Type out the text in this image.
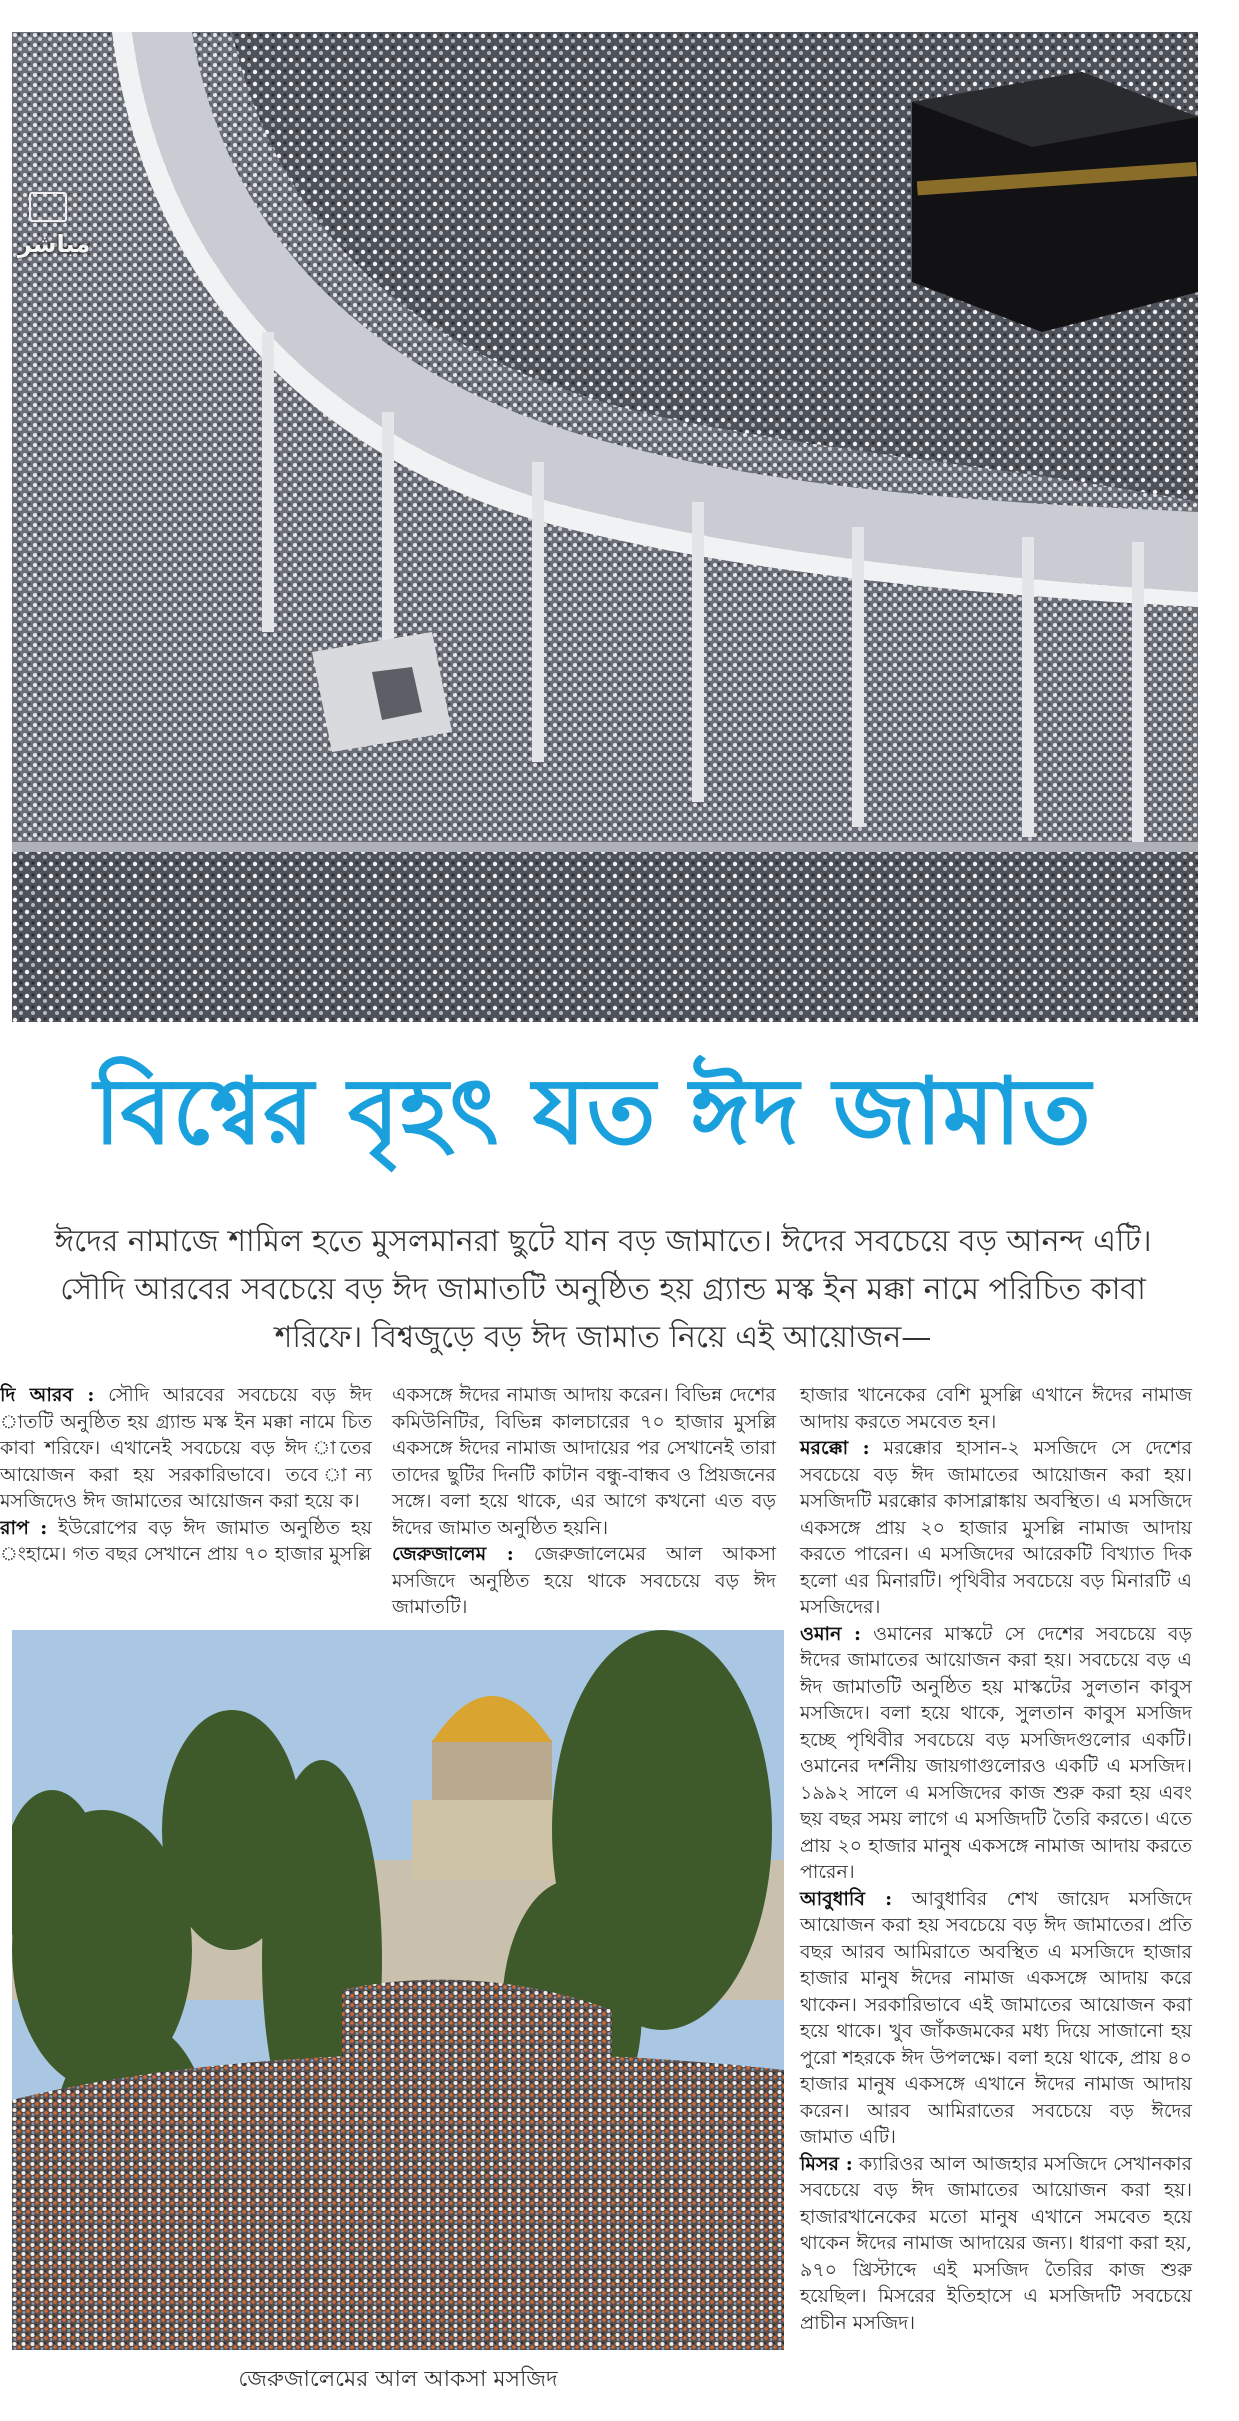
مباشر
বিশ্বের বৃহৎ যত ঈদ জামাত
ঈদের নামাজে শামিল হতে মুসলমানরা ছুটে যান বড় জামাতে। ঈদের সবচেয়ে বড় আনন্দ এটি। সৌদি আরবের সবচেয়ে বড় ঈদ জামাতটি অনুষ্ঠিত হয় গ্র্যান্ড মস্ক ইন মক্কা নামে পরিচিত কাবা শরিফে। বিশ্বজুড়ে বড় ঈদ জামাত নিয়ে এই আয়োজন—

দি আরব : সৌদি আরবের সবচেয়ে বড় ঈদ াতটি অনুষ্ঠিত হয় গ্র্যান্ড মস্ক ইন মক্কা নামে চিত কাবা শরিফে। এখানেই সবচেয়ে বড় ঈদ াতের আয়োজন করা হয় সরকারিভাবে। তবে ান্য মসজিদেও ঈদ জামাতের আয়োজন করা হয়ে ক।

রাপ : ইউরোপের বড় ঈদ জামাত অনুষ্ঠিত হয় ংহামে। গত বছর সেখানে প্রায় ৭০ হাজার মুসল্লি

একসঙ্গে ঈদের নামাজ আদায় করেন। বিভিন্ন দেশের কমিউনিটির, বিভিন্ন কালচারের ৭০ হাজার মুসল্লি একসঙ্গে ঈদের নামাজ আদায়ের পর সেখানেই তারা তাদের ছুটির দিনটি কাটান বন্ধু-বান্ধব ও প্রিয়জনের সঙ্গে। বলা হয়ে থাকে, এর আগে কখনো এত বড় ঈদের জামাত অনুষ্ঠিত হয়নি।

জেরুজালেম : জেরুজালেমের আল আকসা মসজিদে অনুষ্ঠিত হয়ে থাকে সবচেয়ে বড় ঈদ জামাতটি।

হাজার খানেকের বেশি মুসল্লি এখানে ঈদের নামাজ আদায় করতে সমবেত হন।

মরক্কো : মরক্কোর হাসান-২ মসজিদে সে দেশের সবচেয়ে বড় ঈদ জামাতের আয়োজন করা হয়। মসজিদটি মরক্কোর কাসাব্লাঙ্কায় অবস্থিত। এ মসজিদে একসঙ্গে প্রায় ২০ হাজার মুসল্লি নামাজ আদায় করতে পারেন। এ মসজিদের আরেকটি বিখ্যাত দিক হলো এর মিনারটি। পৃথিবীর সবচেয়ে বড় মিনারটি এ মসজিদের।

ওমান : ওমানের মাস্কটে সে দেশের সবচেয়ে বড় ঈদের জামাতের আয়োজন করা হয়। সবচেয়ে বড় এ ঈদ জামাতটি অনুষ্ঠিত হয় মাস্কটের সুলতান কাবুস মসজিদে। বলা হয়ে থাকে, সুলতান কাবুস মসজিদ হচ্ছে পৃথিবীর সবচেয়ে বড় মসজিদগুলোর একটি। ওমানের দর্শনীয় জায়গাগুলোরও একটি এ মসজিদ। ১৯৯২ সালে এ মসজিদের কাজ শুরু করা হয় এবং ছয় বছর সময় লাগে এ মসজিদটি তৈরি করতে। এতে প্রায় ২০ হাজার মানুষ একসঙ্গে নামাজ আদায় করতে পারেন।

আবুধাবি : আবুধাবির শেখ জায়েদ মসজিদে আয়োজন করা হয় সবচেয়ে বড় ঈদ জামাতের। প্রতি বছর আরব আমিরাতে অবস্থিত এ মসজিদে হাজার হাজার মানুষ ঈদের নামাজ একসঙ্গে আদায় করে থাকেন। সরকারিভাবে এই জামাতের আয়োজন করা হয়ে থাকে। খুব জাঁকজমকের মধ্য দিয়ে সাজানো হয় পুরো শহরকে ঈদ উপলক্ষে। বলা হয়ে থাকে, প্রায় ৪০ হাজার মানুষ একসঙ্গে এখানে ঈদের নামাজ আদায় করেন। আরব আমিরাতের সবচেয়ে বড় ঈদের জামাত এটি।

মিসর : ক্যারিওর আল আজহার মসজিদে সেখানকার সবচেয়ে বড় ঈদ জামাতের আয়োজন করা হয়। হাজারখানেকের মতো মানুষ এখানে সমবেত হয়ে থাকেন ঈদের নামাজ আদায়ের জন্য। ধারণা করা হয়, ৯৭০ খ্রিস্টাব্দে এই মসজিদ তৈরির কাজ শুরু হয়েছিল। মিসরের ইতিহাসে এ মসজিদটি সবচেয়ে প্রাচীন মসজিদ।

জেরুজালেমের আল আকসা মসজিদ
